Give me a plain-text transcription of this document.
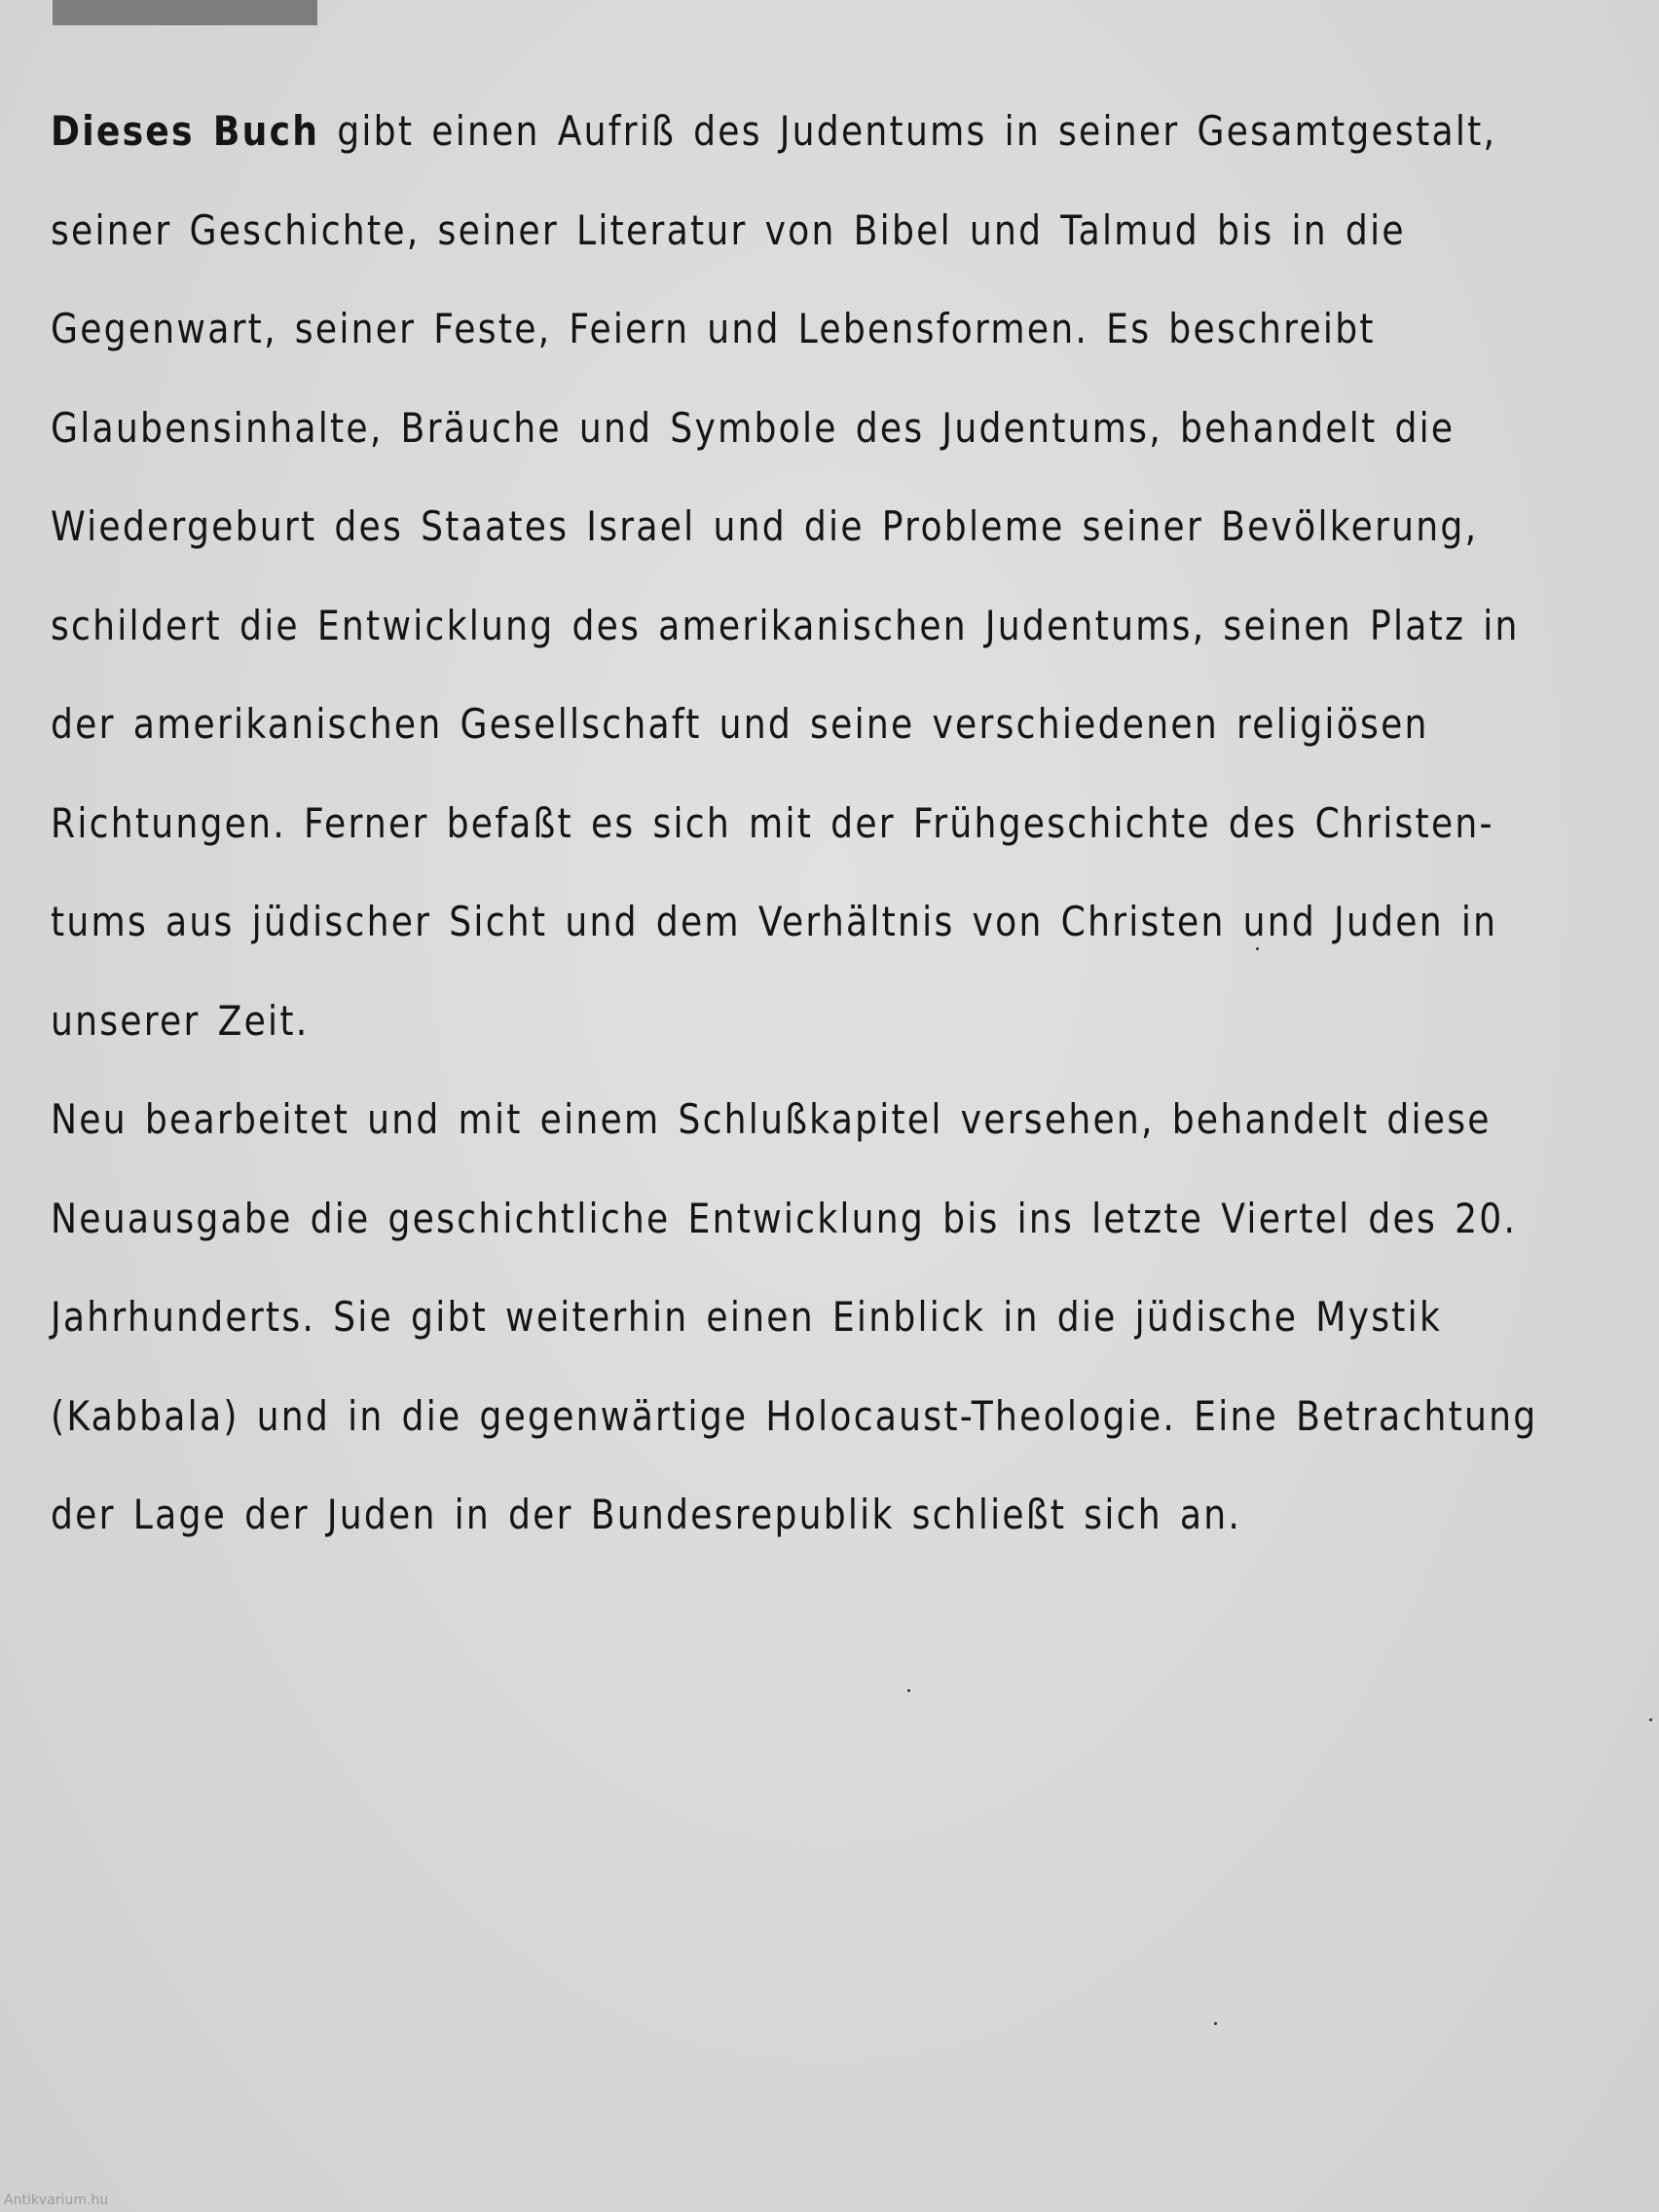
Dieses Buch gibt einen Aufriß des Judentums in seiner Gesamtgestalt,
seiner Geschichte, seiner Literatur von Bibel und Talmud bis in die
Gegenwart, seiner Feste, Feiern und Lebensformen. Es beschreibt
Glaubensinhalte, Bräuche und Symbole des Judentums, behandelt die
Wiedergeburt des Staates Israel und die Probleme seiner Bevölkerung,
schildert die Entwicklung des amerikanischen Judentums, seinen Platz in
der amerikanischen Gesellschaft und seine verschiedenen religiösen
Richtungen. Ferner befaßt es sich mit der Frühgeschichte des Christen-
tums aus jüdischer Sicht und dem Verhältnis von Christen und Juden in
unserer Zeit.
Neu bearbeitet und mit einem Schlußkapitel versehen, behandelt diese
Neuausgabe die geschichtliche Entwicklung bis ins letzte Viertel des 20.
Jahrhunderts. Sie gibt weiterhin einen Einblick in die jüdische Mystik
(Kabbala) und in die gegenwärtige Holocaust-Theologie. Eine Betrachtung
der Lage der Juden in der Bundesrepublik schließt sich an.
Antikvarium.hu
